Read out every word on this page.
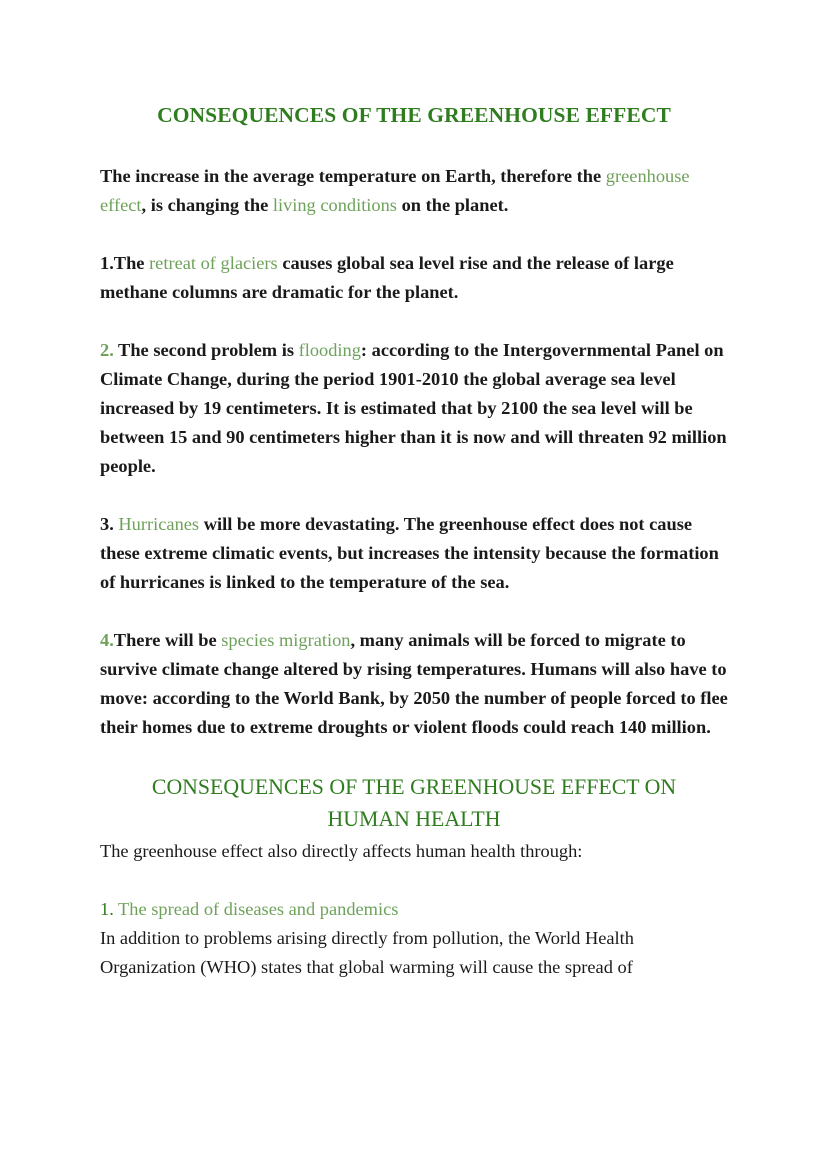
CONSEQUENCES OF THE GREENHOUSE EFFECT

The increase in the average temperature on Earth, therefore the greenhouse effect, is changing the living conditions on the planet.

1.The retreat of glaciers causes global sea level rise and the release of large methane columns are dramatic for the planet.

2. The second problem is flooding: according to the Intergovernmental Panel on Climate Change, during the period 1901-2010 the global average sea level increased by 19 centimeters. It is estimated that by 2100 the sea level will be between 15 and 90 centimeters higher than it is now and will threaten 92 million people.

3. Hurricanes will be more devastating. The greenhouse effect does not cause these extreme climatic events, but increases the intensity because the formation of hurricanes is linked to the temperature of the sea.

4.There will be species migration, many animals will be forced to migrate to survive climate change altered by rising temperatures. Humans will also have to move: according to the World Bank, by 2050 the number of people forced to flee their homes due to extreme droughts or violent floods could reach 140 million.

CONSEQUENCES OF THE GREENHOUSE EFFECT ON
HUMAN HEALTH

The greenhouse effect also directly affects human health through:

1. The spread of diseases and pandemics

In addition to problems arising directly from pollution, the World Health Organization (WHO) states that global warming will cause the spread of
